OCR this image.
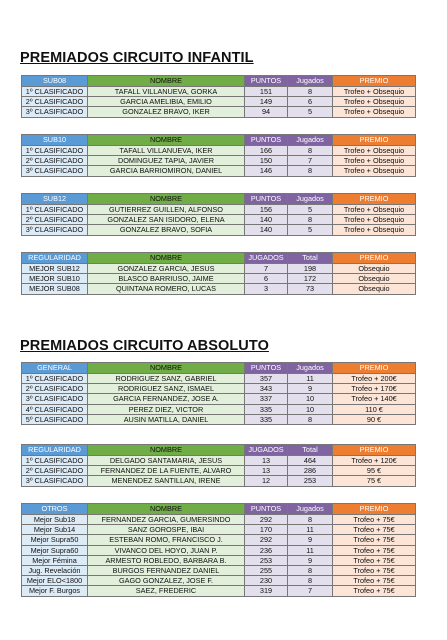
PREMIADOS CIRCUITO INFANTIL
SUB08	NOMBRE	PUNTOS	Jugados	PREMIO
1º CLASIFICADO	TAFALL VILLANUEVA, GORKA	151	8	Trofeo + Obsequio
2º CLASIFICADO	GARCIA AMELIBIA, EMILIO	149	6	Trofeo + Obsequio
3º CLASIFICADO	GONZALEZ BRAVO, IKER	94	5	Trofeo + Obsequio
SUB10	NOMBRE	PUNTOS	Jugados	PREMIO
1º CLASIFICADO	TAFALL VILLANUEVA, IKER	166	8	Trofeo + Obsequio
2º CLASIFICADO	DOMINGUEZ TAPIA, JAVIER	150	7	Trofeo + Obsequio
3º CLASIFICADO	GARCIA BARRIOMIRON, DANIEL	146	8	Trofeo + Obsequio
SUB12	NOMBRE	PUNTOS	Jugados	PREMIO
1º CLASIFICADO	GUTIERREZ GUILLEN, ALFONSO	156	5	Trofeo + Obsequio
2º CLASIFICADO	GONZALEZ SAN ISIDORO, ELENA	140	8	Trofeo + Obsequio
3º CLASIFICADO	GONZALEZ BRAVO, SOFIA	140	5	Trofeo + Obsequio
REGULARIDAD	NOMBRE	JUGADOS	Total	PREMIO
MEJOR SUB12	GONZALEZ GARCIA, JESUS	7	198	Obsequio
MEJOR SUB10	BLASCO BARRIUSO, JAIME	6	172	Obsequio
MEJOR SUB08	QUINTANA ROMERO, LUCAS	3	73	Obsequio
PREMIADOS CIRCUITO ABSOLUTO
GENERAL	NOMBRE	PUNTOS	Jugados	PREMIO
1º CLASIFICADO	RODRIGUEZ SANZ, GABRIEL	357	11	Trofeo + 200€
2º CLASIFICADO	RODRIGUEZ SANZ, ISMAEL	343	9	Trofeo + 170€
3º CLASIFICADO	GARCIA FERNANDEZ, JOSE A.	337	10	Trofeo + 140€
4º CLASIFICADO	PEREZ DIEZ, VICTOR	335	10	110 €
5º CLASIFICADO	AUSIN MATILLA, DANIEL	335	8	90 €
REGULARIDAD	NOMBRE	JUGADOS	Total	PREMIO
1º CLASIFICADO	DELGADO SANTAMARIA, JESUS	13	464	Trofeo + 120€
2º CLASIFICADO	FERNANDEZ DE LA FUENTE, ALVARO	13	286	95 €
3º CLASIFICADO	MENENDEZ SANTILLAN, IRENE	12	253	75 €
OTROS	NOMBRE	PUNTOS	Jugados	PREMIO
Mejor Sub18	FERNANDEZ GARCIA, GUMERSINDO	292	8	Trofeo + 75€
Mejor Sub14	SANZ GOROSPE, IBAI	170	11	Trofeo + 75€
Mejor Supra50	ESTEBAN ROMO, FRANCISCO J.	292	9	Trofeo + 75€
Mejor Supra60	VIVANCO DEL HOYO, JUAN P.	236	11	Trofeo + 75€
Mejor Fémina	ARMESTO ROBLEDO, BARBARA B.	253	9	Trofeo + 75€
Jug. Revelación	BURGOS FERNANDEZ DANIEL	255	8	Trofeo + 75€
Mejor ELO<1800	GAGO GONZALEZ, JOSE F.	230	8	Trofeo + 75€
Mejor F. Burgos	SAEZ, FREDERIC	319	7	Trofeo + 75€
